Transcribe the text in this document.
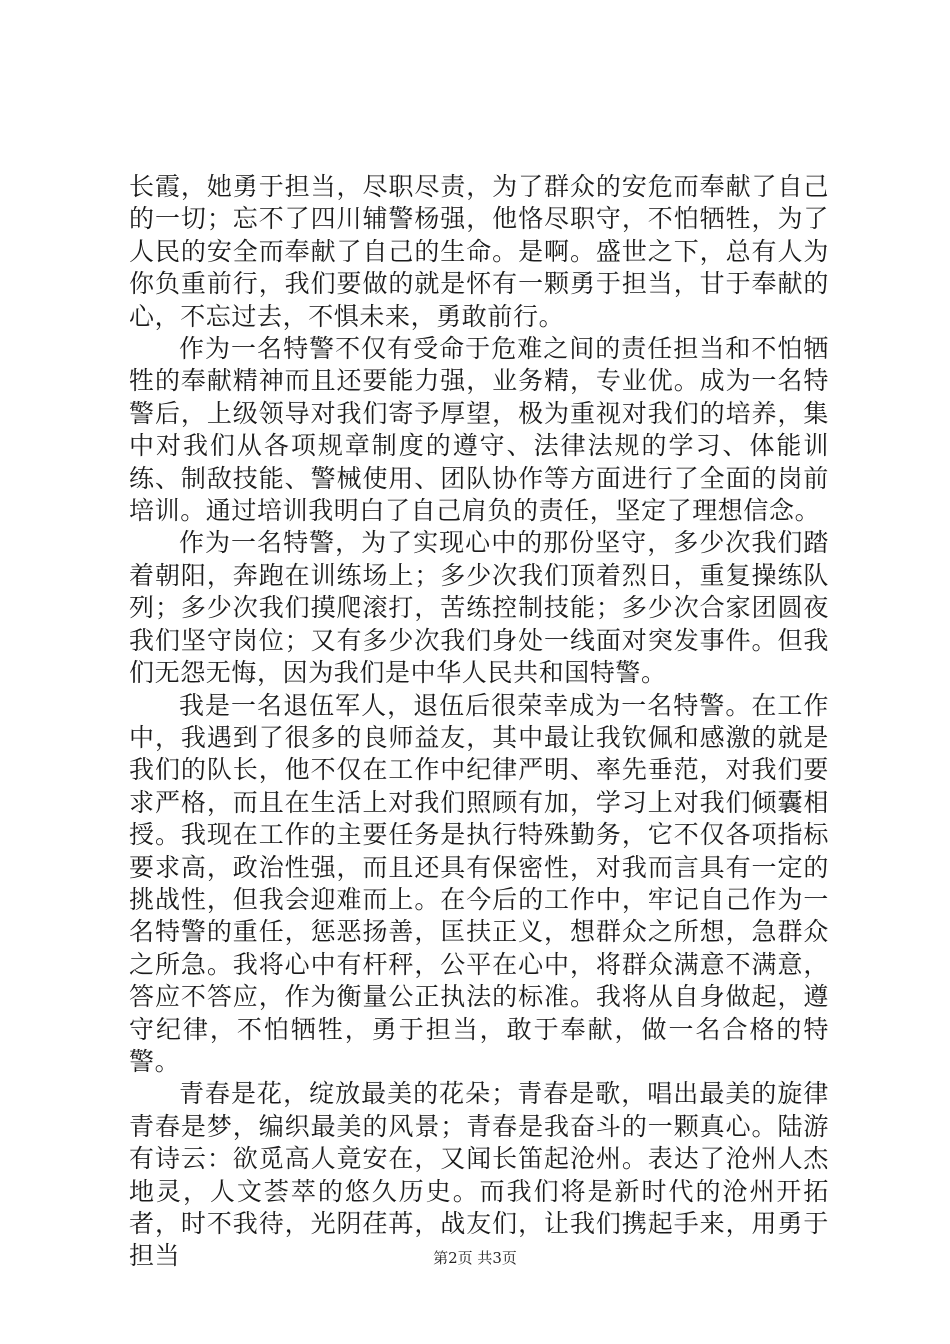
长霞，她勇于担当，尽职尽责，为了群众的安危而奉献了自己的一切；忘不了四川辅警杨强，他恪尽职守，不怕牺牲，为了人民的安全而奉献了自己的生命。是啊。盛世之下，总有人为你负重前行，我们要做的就是怀有一颗勇于担当，甘于奉献的心，不忘过去，不惧未来，勇敢前行。

作为一名特警不仅有受命于危难之间的责任担当和不怕牺牲的奉献精神而且还要能力强，业务精，专业优。成为一名特警后，上级领导对我们寄予厚望，极为重视对我们的培养，集中对我们从各项规章制度的遵守、法律法规的学习、体能训练、制敌技能、警械使用、团队协作等方面进行了全面的岗前培训。通过培训我明白了自己肩负的责任，坚定了理想信念。

作为一名特警，为了实现心中的那份坚守，多少次我们踏着朝阳，奔跑在训练场上；多少次我们顶着烈日，重复操练队列；多少次我们摸爬滚打，苦练控制技能；多少次合家团圆夜我们坚守岗位；又有多少次我们身处一线面对突发事件。但我们无怨无悔，因为我们是中华人民共和国特警。

我是一名退伍军人，退伍后很荣幸成为一名特警。在工作中，我遇到了很多的良师益友，其中最让我钦佩和感激的就是我们的队长，他不仅在工作中纪律严明、率先垂范，对我们要求严格，而且在生活上对我们照顾有加，学习上对我们倾囊相授。我现在工作的主要任务是执行特殊勤务，它不仅各项指标要求高，政治性强，而且还具有保密性，对我而言具有一定的挑战性，但我会迎难而上。在今后的工作中，牢记自己作为一名特警的重任，惩恶扬善，匡扶正义，想群众之所想，急群众之所急。我将心中有杆秤，公平在心中，将群众满意不满意，答应不答应，作为衡量公正执法的标准。我将从自身做起，遵守纪律，不怕牺牲，勇于担当，敢于奉献，做一名合格的特警。

青春是花，绽放最美的花朵；青春是歌，唱出最美的旋律青春是梦，编织最美的风景；青春是我奋斗的一颗真心。陆游有诗云：欲觅高人竟安在，又闻长笛起沧州。表达了沧州人杰地灵，人文荟萃的悠久历史。而我们将是新时代的沧州开拓者，时不我待，光阴荏苒，战友们，让我们携起手来，用勇于担当	第2页 共3页
